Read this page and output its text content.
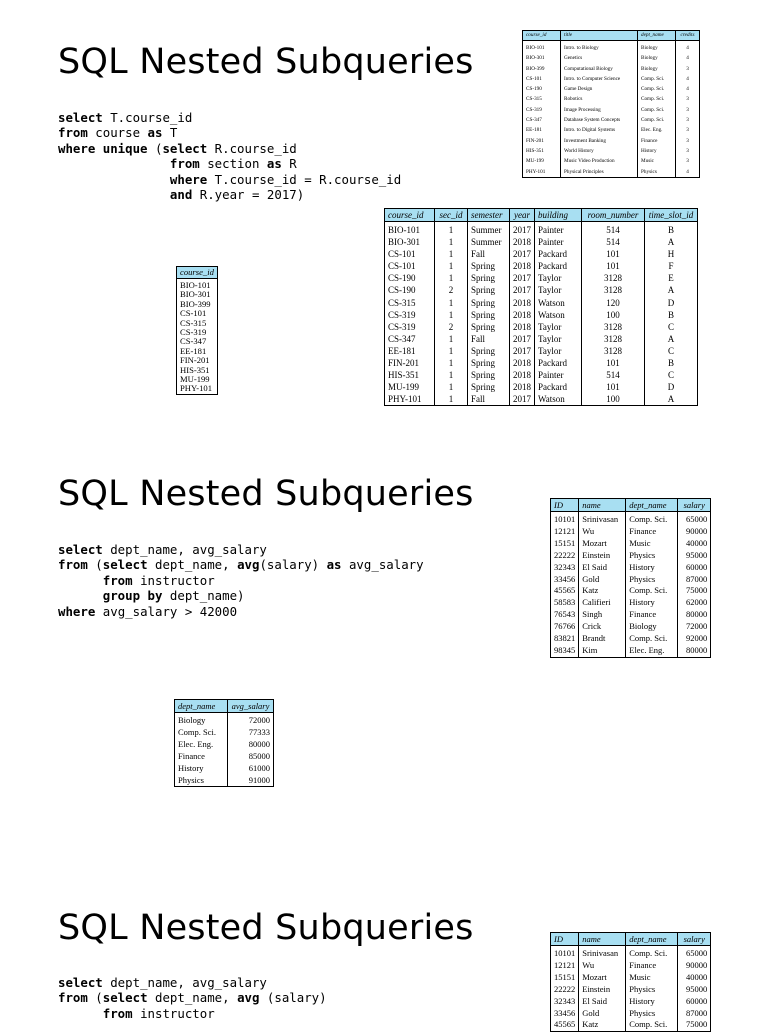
SQL Nested Subqueries
select T.course_id
from course as T
where unique (select R.course_id
from section as R
where T.course_id = R.course_id
and R.year = 2017)
course_id	title	dept_name	credits
BIO-101	Intro. to Biology	Biology	4
BIO-301	Genetics	Biology	4
BIO-399	Computational Biology	Biology	3
CS-101	Intro. to Computer Science	Comp. Sci.	4
CS-190	Game Design	Comp. Sci.	4
CS-315	Robotics	Comp. Sci.	3
CS-319	Image Processing	Comp. Sci.	3
CS-347	Database System Concepts	Comp. Sci.	3
EE-181	Intro. to Digital Systems	Elec. Eng.	3
FIN-201	Investment Banking	Finance	3
HIS-351	World History	History	3
MU-199	Music Video Production	Music	3
PHY-101	Physical Principles	Physics	4
course_id	sec_id	semester	year	building	room_number	time_slot_id
BIO-101	1	Summer	2017	Painter	514	B
BIO-301	1	Summer	2018	Painter	514	A
CS-101	1	Fall	2017	Packard	101	H
CS-101	1	Spring	2018	Packard	101	F
CS-190	1	Spring	2017	Taylor	3128	E
CS-190	2	Spring	2017	Taylor	3128	A
CS-315	1	Spring	2018	Watson	120	D
CS-319	1	Spring	2018	Watson	100	B
CS-319	2	Spring	2018	Taylor	3128	C
CS-347	1	Fall	2017	Taylor	3128	A
EE-181	1	Spring	2017	Taylor	3128	C
FIN-201	1	Spring	2018	Packard	101	B
HIS-351	1	Spring	2018	Painter	514	C
MU-199	1	Spring	2018	Packard	101	D
PHY-101	1	Fall	2017	Watson	100	A
course_id
BIO-101
BIO-301
BIO-399
CS-101
CS-315
CS-319
CS-347
EE-181
FIN-201
HIS-351
MU-199
PHY-101
SQL Nested Subqueries
select dept_name, avg_salary
from (select dept_name, avg(salary) as avg_salary
from instructor
group by dept_name)
where avg_salary > 42000
ID	name	dept_name	salary
10101	Srinivasan	Comp. Sci.	65000
12121	Wu	Finance	90000
15151	Mozart	Music	40000
22222	Einstein	Physics	95000
32343	El Said	History	60000
33456	Gold	Physics	87000
45565	Katz	Comp. Sci.	75000
58583	Califieri	History	62000
76543	Singh	Finance	80000
76766	Crick	Biology	72000
83821	Brandt	Comp. Sci.	92000
98345	Kim	Elec. Eng.	80000
dept_name	avg_salary
Biology	72000
Comp. Sci.	77333
Elec. Eng.	80000
Finance	85000
History	61000
Physics	91000
SQL Nested Subqueries
select dept_name, avg_salary
from (select dept_name, avg (salary)
from instructor
ID	name	dept_name	salary
10101	Srinivasan	Comp. Sci.	65000
12121	Wu	Finance	90000
15151	Mozart	Music	40000
22222	Einstein	Physics	95000
32343	El Said	History	60000
33456	Gold	Physics	87000
45565	Katz	Comp. Sci.	75000
